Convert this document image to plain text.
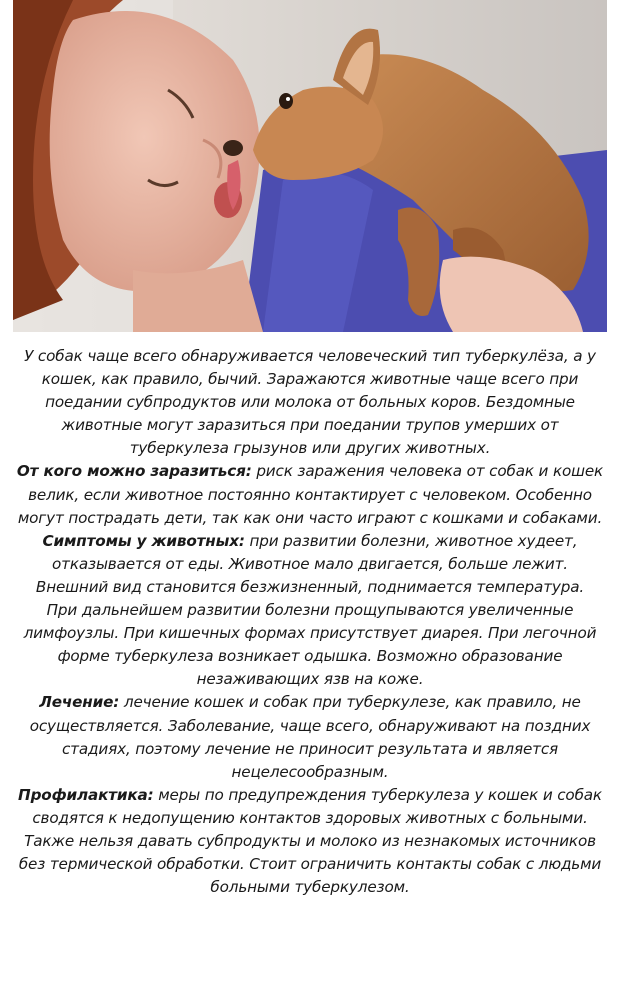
У собак чаще всего обнаруживается человеческий тип туберкулёза, а у кошек, как правило, бычий. Заражаются животные чаще всего при поедании субпродуктов или молока от больных коров. Бездомные животные могут заразиться при поедании трупов умерших от туберкулеза грызунов или других животных.

От кого можно заразиться: риск заражения человека от собак и кошек велик, если животное постоянно контактирует с человеком. Особенно могут пострадать дети, так как они часто играют с кошками и собаками.

Симптомы у животных: при развитии болезни, животное худеет, отказывается от еды. Животное мало двигается, больше лежит. Внешний вид становится безжизненный, поднимается температура.

При дальнейшем развитии болезни прощупываются увеличенные лимфоузлы. При кишечных формах присутствует диарея. При легочной форме туберкулеза возникает одышка. Возможно образование незаживающих язв на коже.

Лечение: лечение кошек и собак при туберкулезе, как правило, не осуществляется. Заболевание, чаще всего, обнаруживают на поздних стадиях, поэтому лечение не приносит результата и является нецелесообразным.

Профилактика: меры по предупреждения туберкулеза у кошек и собак сводятся к недопущению контактов здоровых животных с больными.

Также нельзя давать субпродукты и молоко из незнакомых источников без термической обработки. Стоит ограничить контакты собак с людьми больными туберкулезом.
